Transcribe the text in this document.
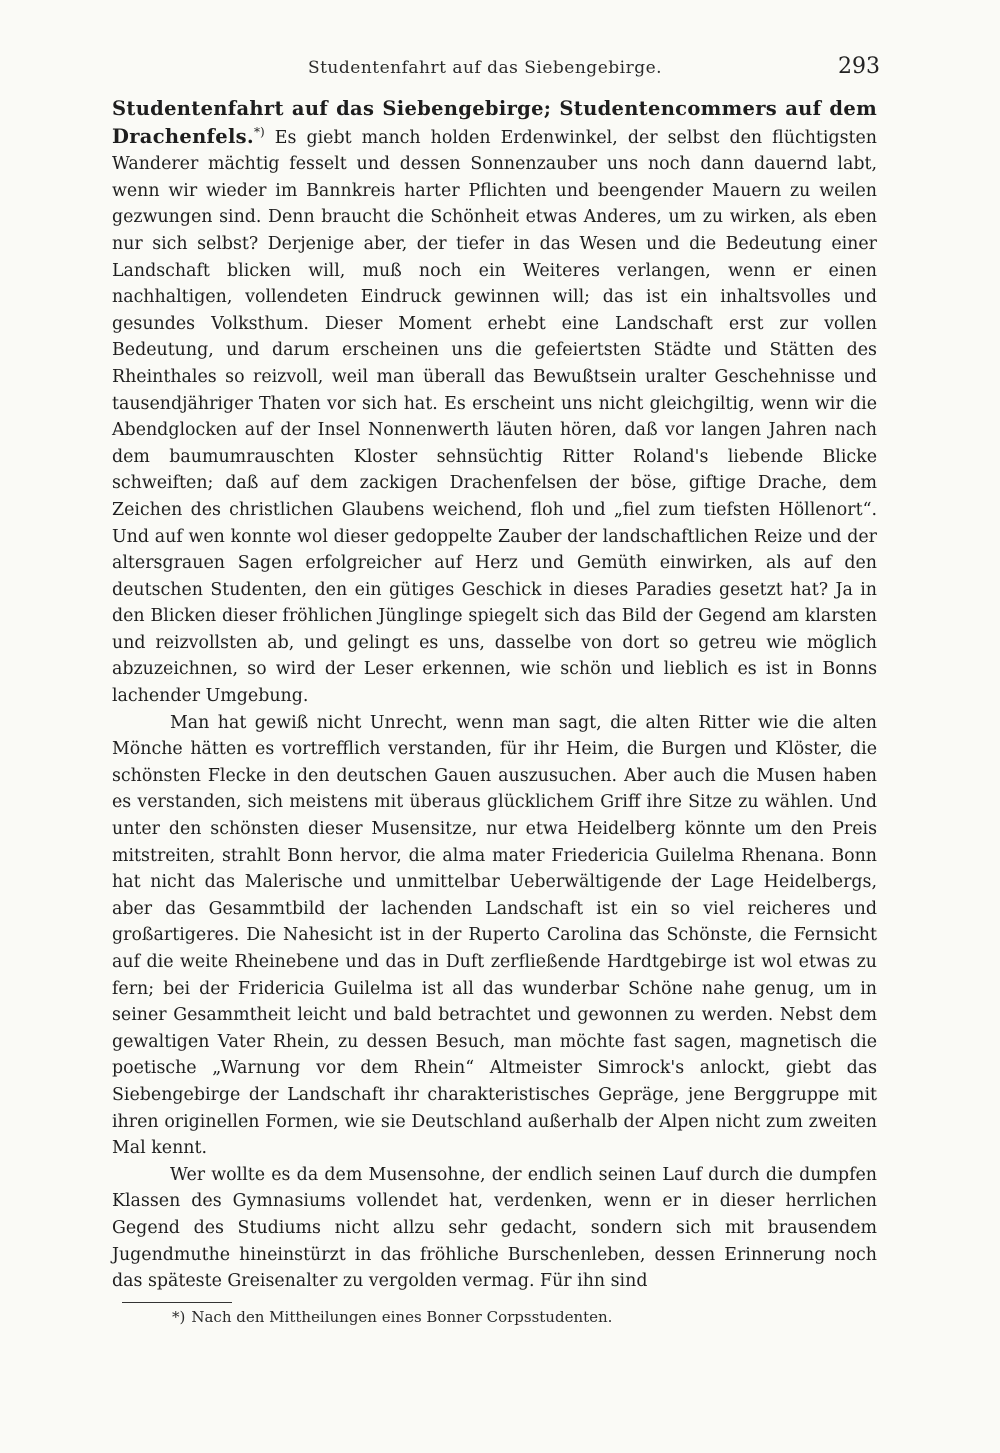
Studentenfahrt auf das Siebengebirge.	293

Studentenfahrt auf das Siebengebirge; Studentencommers auf dem Drachenfels.*) Es giebt manch holden Erdenwinkel, der selbst den flüchtigsten Wanderer mächtig fesselt und dessen Sonnenzauber uns noch dann dauernd labt, wenn wir wieder im Bannkreis harter Pflichten und beengender Mauern zu weilen gezwungen sind. Denn braucht die Schönheit etwas Anderes, um zu wirken, als eben nur sich selbst? Derjenige aber, der tiefer in das Wesen und die Bedeutung einer Landschaft blicken will, muß noch ein Weiteres verlangen, wenn er einen nachhaltigen, vollendeten Eindruck gewinnen will; das ist ein inhaltsvolles und gesundes Volksthum. Dieser Moment erhebt eine Landschaft erst zur vollen Bedeutung, und darum erscheinen uns die gefeiertsten Städte und Stätten des Rheinthales so reizvoll, weil man überall das Bewußtsein uralter Geschehnisse und tausendjähriger Thaten vor sich hat. Es erscheint uns nicht gleichgiltig, wenn wir die Abendglocken auf der Insel Nonnenwerth läuten hören, daß vor langen Jahren nach dem baumumrauschten Kloster sehnsüchtig Ritter Roland's liebende Blicke schweiften; daß auf dem zackigen Drachenfelsen der böse, giftige Drache, dem Zeichen des christlichen Glaubens weichend, floh und „fiel zum tiefsten Höllenort“. Und auf wen konnte wol dieser gedoppelte Zauber der landschaftlichen Reize und der altersgrauen Sagen erfolgreicher auf Herz und Gemüth einwirken, als auf den deutschen Studenten, den ein gütiges Geschick in dieses Paradies gesetzt hat? Ja in den Blicken dieser fröhlichen Jünglinge spiegelt sich das Bild der Gegend am klarsten und reizvollsten ab, und gelingt es uns, dasselbe von dort so getreu wie möglich abzuzeichnen, so wird der Leser erkennen, wie schön und lieblich es ist in Bonns lachender Umgebung.

Man hat gewiß nicht Unrecht, wenn man sagt, die alten Ritter wie die alten Mönche hätten es vortrefflich verstanden, für ihr Heim, die Burgen und Klöster, die schönsten Flecke in den deutschen Gauen auszusuchen. Aber auch die Musen haben es verstanden, sich meistens mit überaus glücklichem Griff ihre Sitze zu wählen. Und unter den schönsten dieser Musensitze, nur etwa Heidelberg könnte um den Preis mitstreiten, strahlt Bonn hervor, die alma mater Friedericia Guilelma Rhenana. Bonn hat nicht das Malerische und unmittelbar Ueberwältigende der Lage Heidelbergs, aber das Gesammtbild der lachenden Landschaft ist ein so viel reicheres und großartigeres. Die Nahesicht ist in der Ruperto Carolina das Schönste, die Fernsicht auf die weite Rheinebene und das in Duft zerfließende Hardtgebirge ist wol etwas zu fern; bei der Fridericia Guilelma ist all das wunderbar Schöne nahe genug, um in seiner Gesammtheit leicht und bald betrachtet und gewonnen zu werden. Nebst dem gewaltigen Vater Rhein, zu dessen Besuch, man möchte fast sagen, magnetisch die poetische „Warnung vor dem Rhein“ Altmeister Simrock's anlockt, giebt das Siebengebirge der Landschaft ihr charakteristisches Gepräge, jene Berggruppe mit ihren originellen Formen, wie sie Deutschland außerhalb der Alpen nicht zum zweiten Mal kennt.

Wer wollte es da dem Musensohne, der endlich seinen Lauf durch die dumpfen Klassen des Gymnasiums vollendet hat, verdenken, wenn er in dieser herrlichen Gegend des Studiums nicht allzu sehr gedacht, sondern sich mit brausendem Jugendmuthe hineinstürzt in das fröhliche Burschenleben, dessen Erinnerung noch das späteste Greisenalter zu vergolden vermag. Für ihn sind

*) Nach den Mittheilungen eines Bonner Corpsstudenten.
